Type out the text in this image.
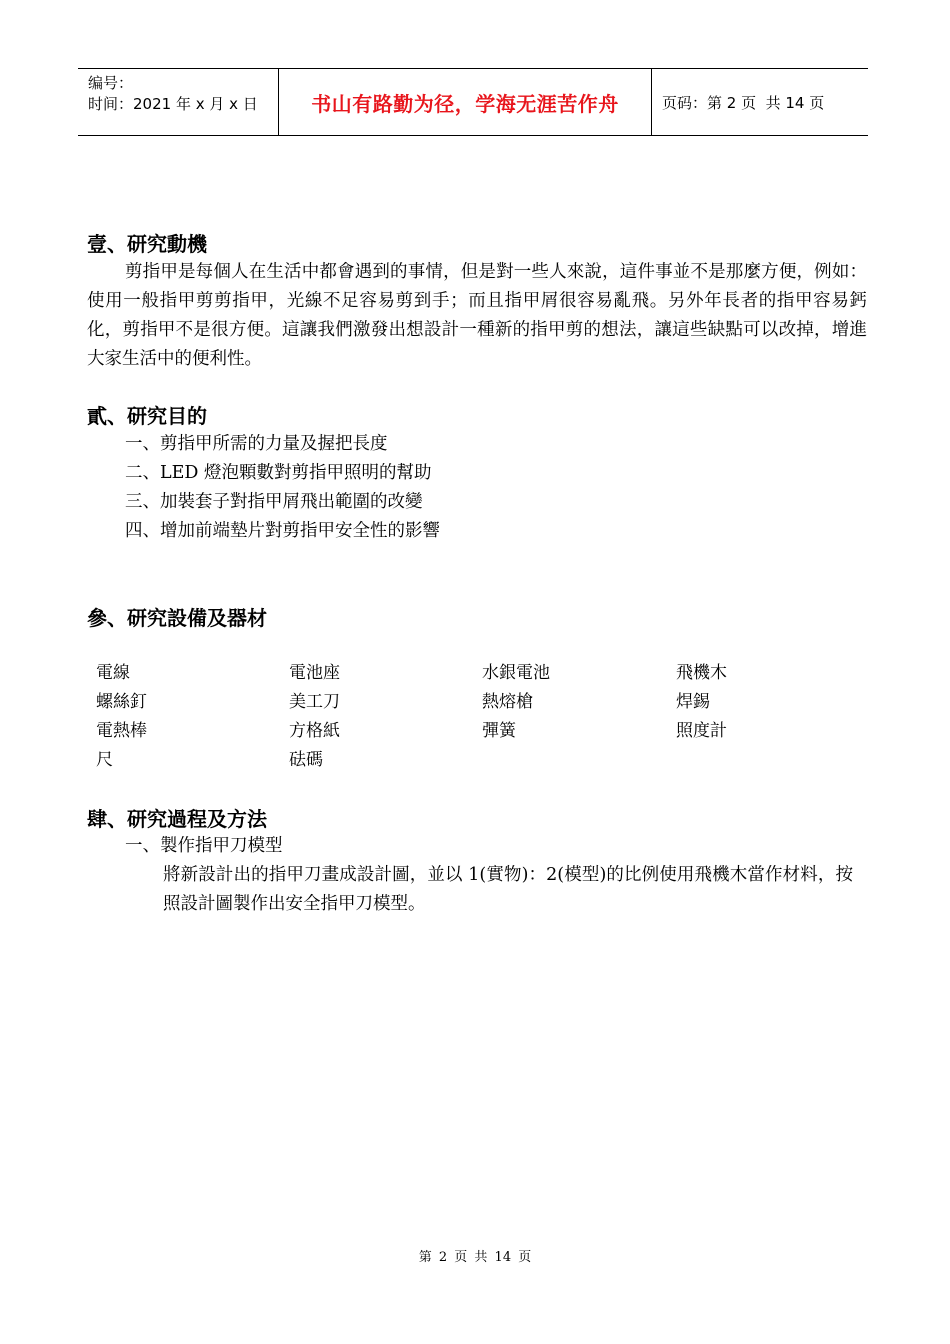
编号：
时间：2021 年 x 月 x 日	书山有路勤为径，学海无涯苦作舟	页码：第 2 页  共 14 页
壹、研究動機
剪指甲是每個人在生活中都會遇到的事情，但是對一些人來說，這件事並不是那麼方便，例如：使用一般指甲剪剪指甲，光線不足容易剪到手；而且指甲屑很容易亂飛。另外年長者的指甲容易鈣化，剪指甲不是很方便。這讓我們激發出想設計一種新的指甲剪的想法，讓這些缺點可以改掉，增進大家生活中的便利性。
貳、研究目的
一、剪指甲所需的力量及握把長度
二、LED 燈泡顆數對剪指甲照明的幫助
三、加裝套子對指甲屑飛出範圍的改變
四、增加前端墊片對剪指甲安全性的影響
參、研究設備及器材
電線	電池座	水銀電池	飛機木
螺絲釘	美工刀	熱熔槍	焊錫
電熱棒	方格紙	彈簧	照度計
尺	砝碼
肆、研究過程及方法
一、製作指甲刀模型
將新設計出的指甲刀畫成設計圖，並以 1(實物)：2(模型)的比例使用飛機木當作材料，按照設計圖製作出安全指甲刀模型。
第 2 页 共 14 页
